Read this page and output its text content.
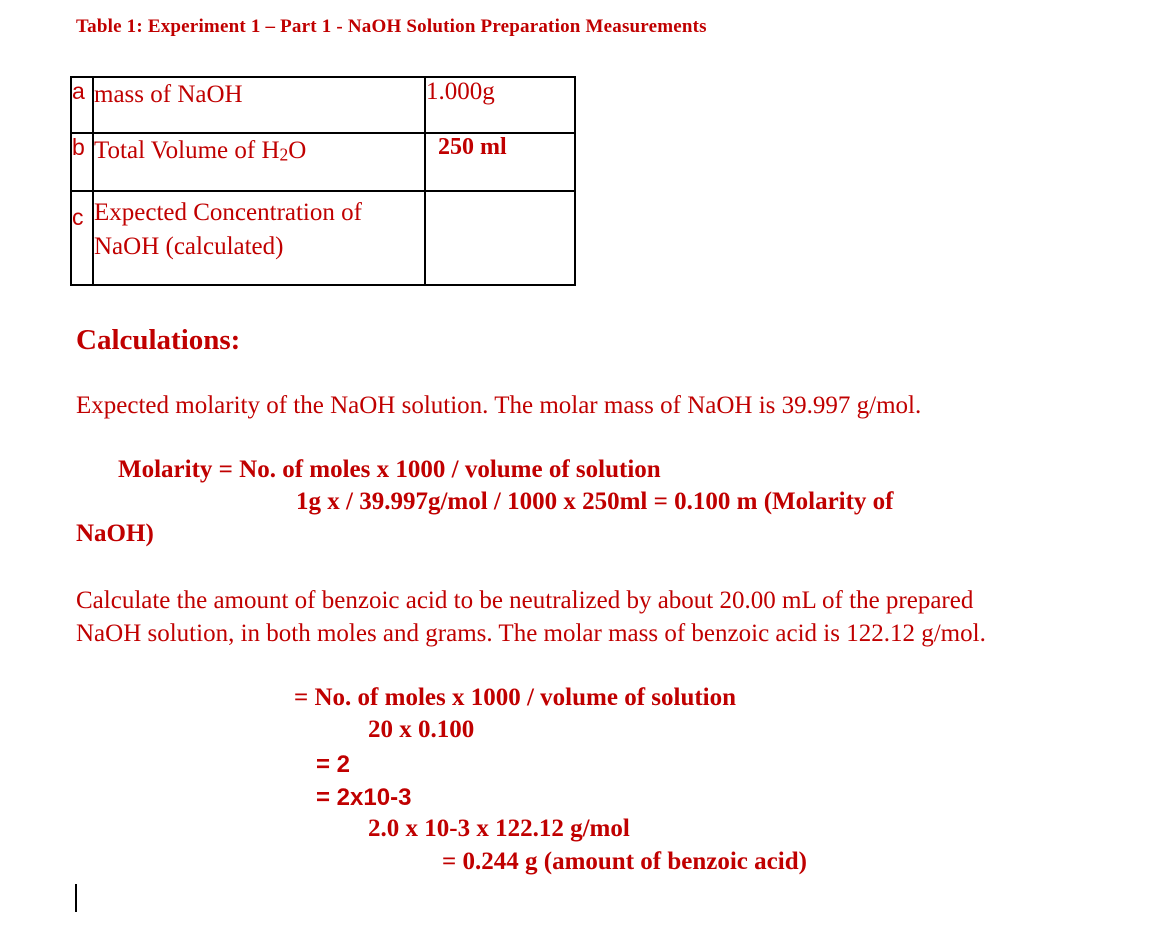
Table 1: Experiment 1 – Part 1 - NaOH Solution Preparation Measurements
a	mass of NaOH	1.000g
b	Total Volume of $H_2O$	250 ml
c	Expected Concentration of
NaOH (calculated)	

Calculations:
Expected molarity of the NaOH solution. The molar mass of NaOH is 39.997 g/mol.
Molarity = No. of moles x 1000 / volume of solution
1g x / 39.997g/mol / 1000 x 250ml = 0.100 m (Molarity of
NaOH)
Calculate the amount of benzoic acid to be neutralized by about 20.00 mL of the prepared
NaOH solution, in both moles and grams. The molar mass of benzoic acid is 122.12 g/mol.
= No. of moles x 1000 / volume of solution
20 x 0.100
= 2
= 2x10-3
2.0 x 10-3 x 122.12 g/mol
= 0.244 g (amount of benzoic acid)
